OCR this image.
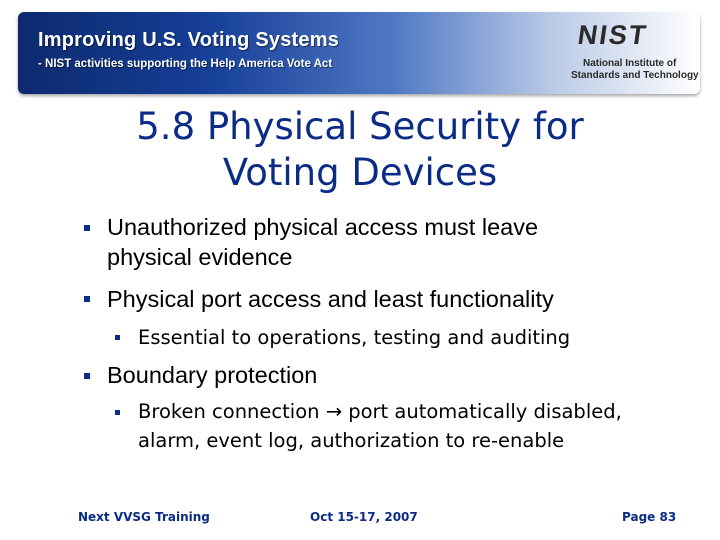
Improving U.S. Voting Systems
- NIST activities supporting the Help America Vote Act
NIST
National Institute of
Standards and Technology
5.8 Physical Security for
Voting Devices
Unauthorized physical access must leave
physical evidence
Physical port access and least functionality
Essential to operations, testing and auditing
Boundary protection
Broken connection → port automatically disabled,
alarm, event log, authorization to re-enable
Next VVSG Training	Oct 15-17, 2007	Page 83
